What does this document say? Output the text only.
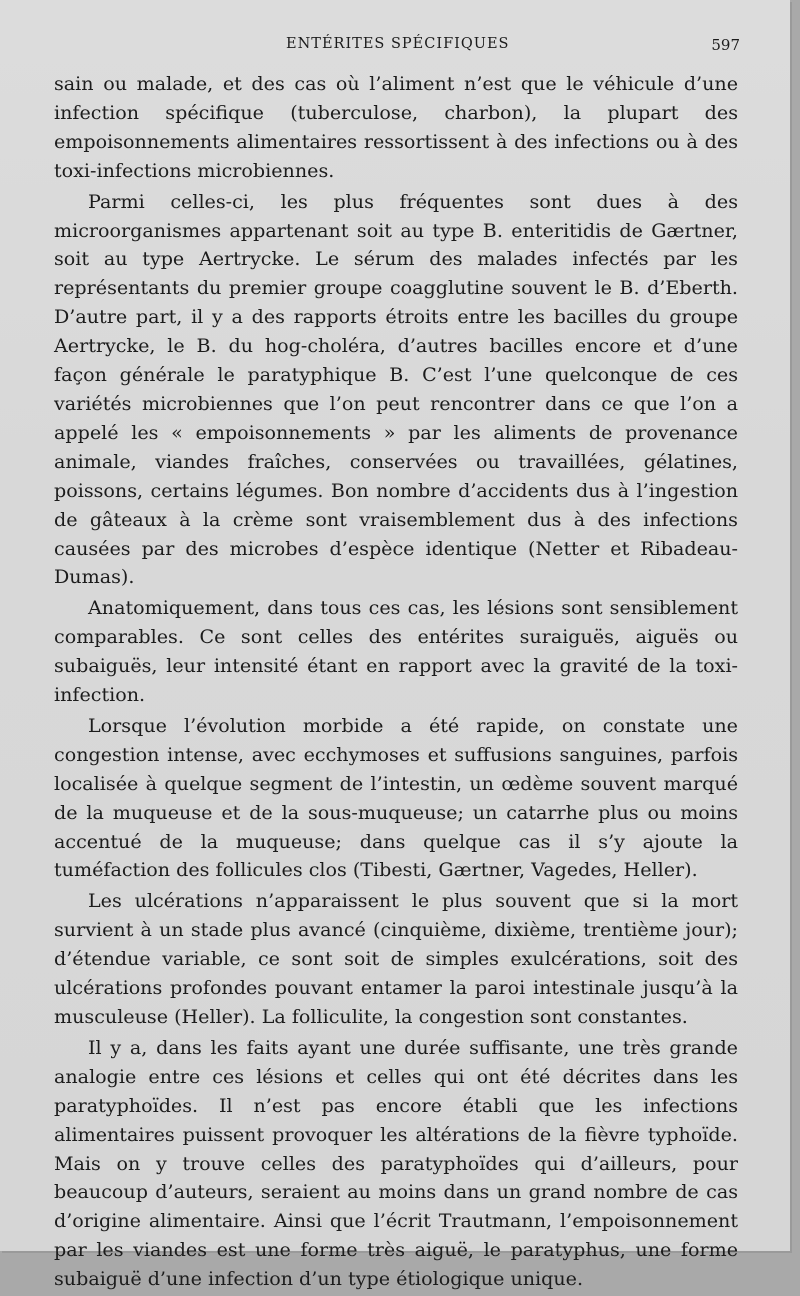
ENTÉRITES SPÉCIFIQUES	597

sain ou malade, et des cas où l’aliment n’est que le véhicule d’une infection spécifique (tuberculose, charbon), la plupart des empoisonnements alimentaires ressortissent à des infections ou à des toxi-infections microbiennes.

Parmi celles-ci, les plus fréquentes sont dues à des microorganismes appartenant soit au type B. enteritidis de Gærtner, soit au type Aertrycke. Le sérum des malades infectés par les représentants du premier groupe coagglutine souvent le B. d’Eberth. D’autre part, il y a des rapports étroits entre les bacilles du groupe Aertrycke, le B. du hog-choléra, d’autres bacilles encore et d’une façon générale le paratyphique B. C’est l’une quelconque de ces variétés microbiennes que l’on peut rencontrer dans ce que l’on a appelé les « empoisonnements » par les aliments de provenance animale, viandes fraîches, conservées ou travaillées, gélatines, poissons, certains légumes. Bon nombre d’accidents dus à l’ingestion de gâteaux à la crème sont vraisemblement dus à des infections causées par des microbes d’espèce identique (Netter et Ribadeau-Dumas).

Anatomiquement, dans tous ces cas, les lésions sont sensiblement comparables. Ce sont celles des entérites suraiguës, aiguës ou subaiguës, leur intensité étant en rapport avec la gravité de la toxi-infection.

Lorsque l’évolution morbide a été rapide, on constate une congestion intense, avec ecchymoses et suffusions sanguines, parfois localisée à quelque segment de l’intestin, un œdème souvent marqué de la muqueuse et de la sous-muqueuse; un catarrhe plus ou moins accentué de la muqueuse; dans quelque cas il s’y ajoute la tuméfaction des follicules clos (Tibesti, Gærtner, Vagedes, Heller).

Les ulcérations n’apparaissent le plus souvent que si la mort survient à un stade plus avancé (cinquième, dixième, trentième jour); d’étendue variable, ce sont soit de simples exulcérations, soit des ulcérations profondes pouvant entamer la paroi intestinale jusqu’à la musculeuse (Heller). La folliculite, la congestion sont constantes.

Il y a, dans les faits ayant une durée suffisante, une très grande analogie entre ces lésions et celles qui ont été décrites dans les paratyphoïdes. Il n’est pas encore établi que les infections alimentaires puissent provoquer les altérations de la fièvre typhoïde. Mais on y trouve celles des paratyphoïdes qui d’ailleurs, pour beaucoup d’auteurs, seraient au moins dans un grand nombre de cas d’origine alimentaire. Ainsi que l’écrit Trautmann, l’empoisonnement par les viandes est une forme très aiguë, le paratyphus, une forme subaiguë d’une infection d’un type étiologique unique.
